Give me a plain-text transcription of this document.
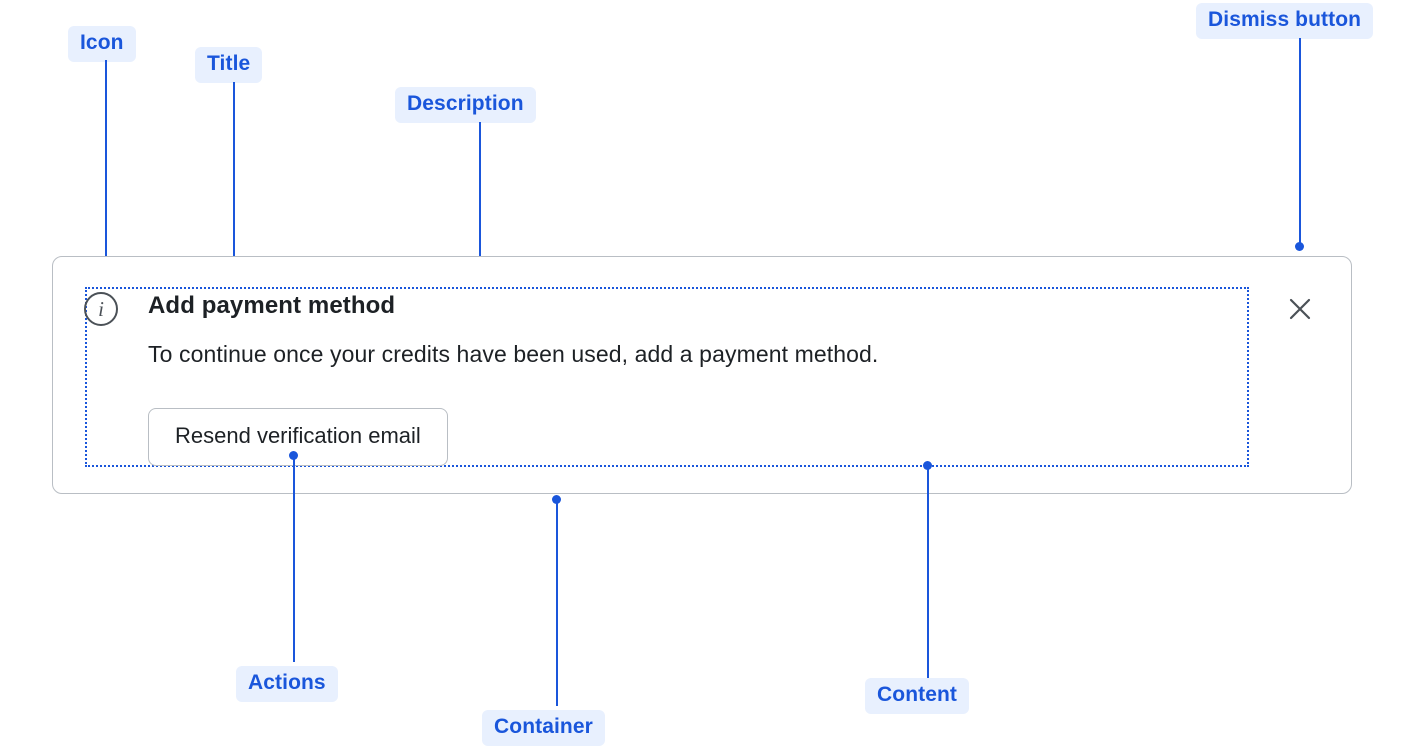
Icon
Title
Description
Dismiss button
i Add payment method
To continue once your credits have been used, add a payment method.
Resend verification email
Actions
Container
Content
